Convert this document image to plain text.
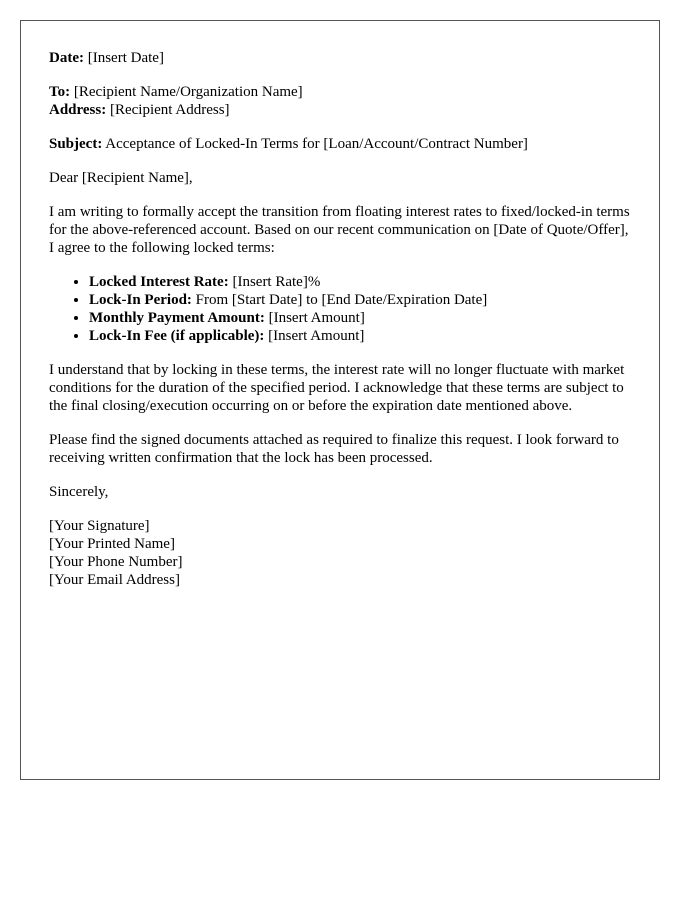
Date: [Insert Date]

To: [Recipient Name/Organization Name]
Address: [Recipient Address]

Subject: Acceptance of Locked-In Terms for [Loan/Account/Contract Number]

Dear [Recipient Name],

I am writing to formally accept the transition from floating interest rates to fixed/locked-in terms for the above-referenced account. Based on our recent communication on [Date of Quote/Offer], I agree to the following locked terms:

• Locked Interest Rate: [Insert Rate]%
• Lock-In Period: From [Start Date] to [End Date/Expiration Date]
• Monthly Payment Amount: [Insert Amount]
• Lock-In Fee (if applicable): [Insert Amount]

I understand that by locking in these terms, the interest rate will no longer fluctuate with market conditions for the duration of the specified period. I acknowledge that these terms are subject to the final closing/execution occurring on or before the expiration date mentioned above.

Please find the signed documents attached as required to finalize this request. I look forward to receiving written confirmation that the lock has been processed.

Sincerely,

[Your Signature]
[Your Printed Name]
[Your Phone Number]
[Your Email Address]
